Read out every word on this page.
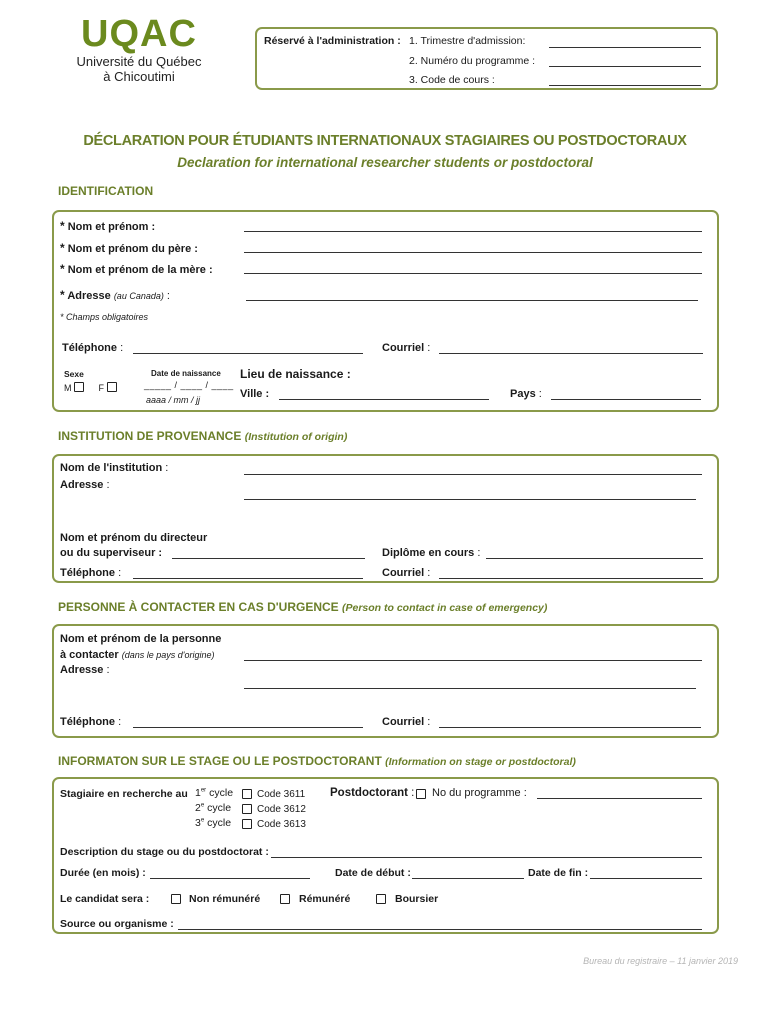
UQAC
Université du Québec
à Chicoutimi
Réservé à l'administration : 1. Trimestre d'admission:
2. Numéro du programme :
3. Code de cours :
DÉCLARATION POUR ÉTUDIANTS INTERNATIONAUX STAGIAIRES OU POSTDOCTORAUX
Declaration for international researcher students or postdoctoral
IDENTIFICATION
* Nom et prénom :
* Nom et prénom du père :
* Nom et prénom de la mère :
* Adresse (au Canada) :
* Champs obligatoires
Téléphone :	Courriel :
Sexe
M	F
Date de naissance
_____ / ____ / ____
aaaa / mm / jj
Lieu de naissance :
Ville :	Pays :
INSTITUTION DE PROVENANCE (Institution of origin)
Nom de l'institution :
Adresse :
Nom et prénom du directeur
ou du superviseur :	Diplôme en cours :
Téléphone :	Courriel :
PERSONNE À CONTACTER EN CAS D'URGENCE (Person to contact in case of emergency)
Nom et prénom de la personne
à contacter (dans le pays d'origine)
Adresse :
Téléphone :	Courriel :
INFORMATON SUR LE STAGE OU LE POSTDOCTORANT (Information on stage or postdoctoral)
Stagiaire en recherche au 1er cycle Code 3611
2e cycle	Code 3612
3e cycle	Code 3613
Postdoctorant : No du programme :
Description du stage ou du postdoctorat :
Durée (en mois) :	Date de début :	Date de fin :
Le candidat sera :	Non rémunéré	Rémunéré	Boursier
Source ou organisme :
Bureau du registraire – 11 janvier 2019
